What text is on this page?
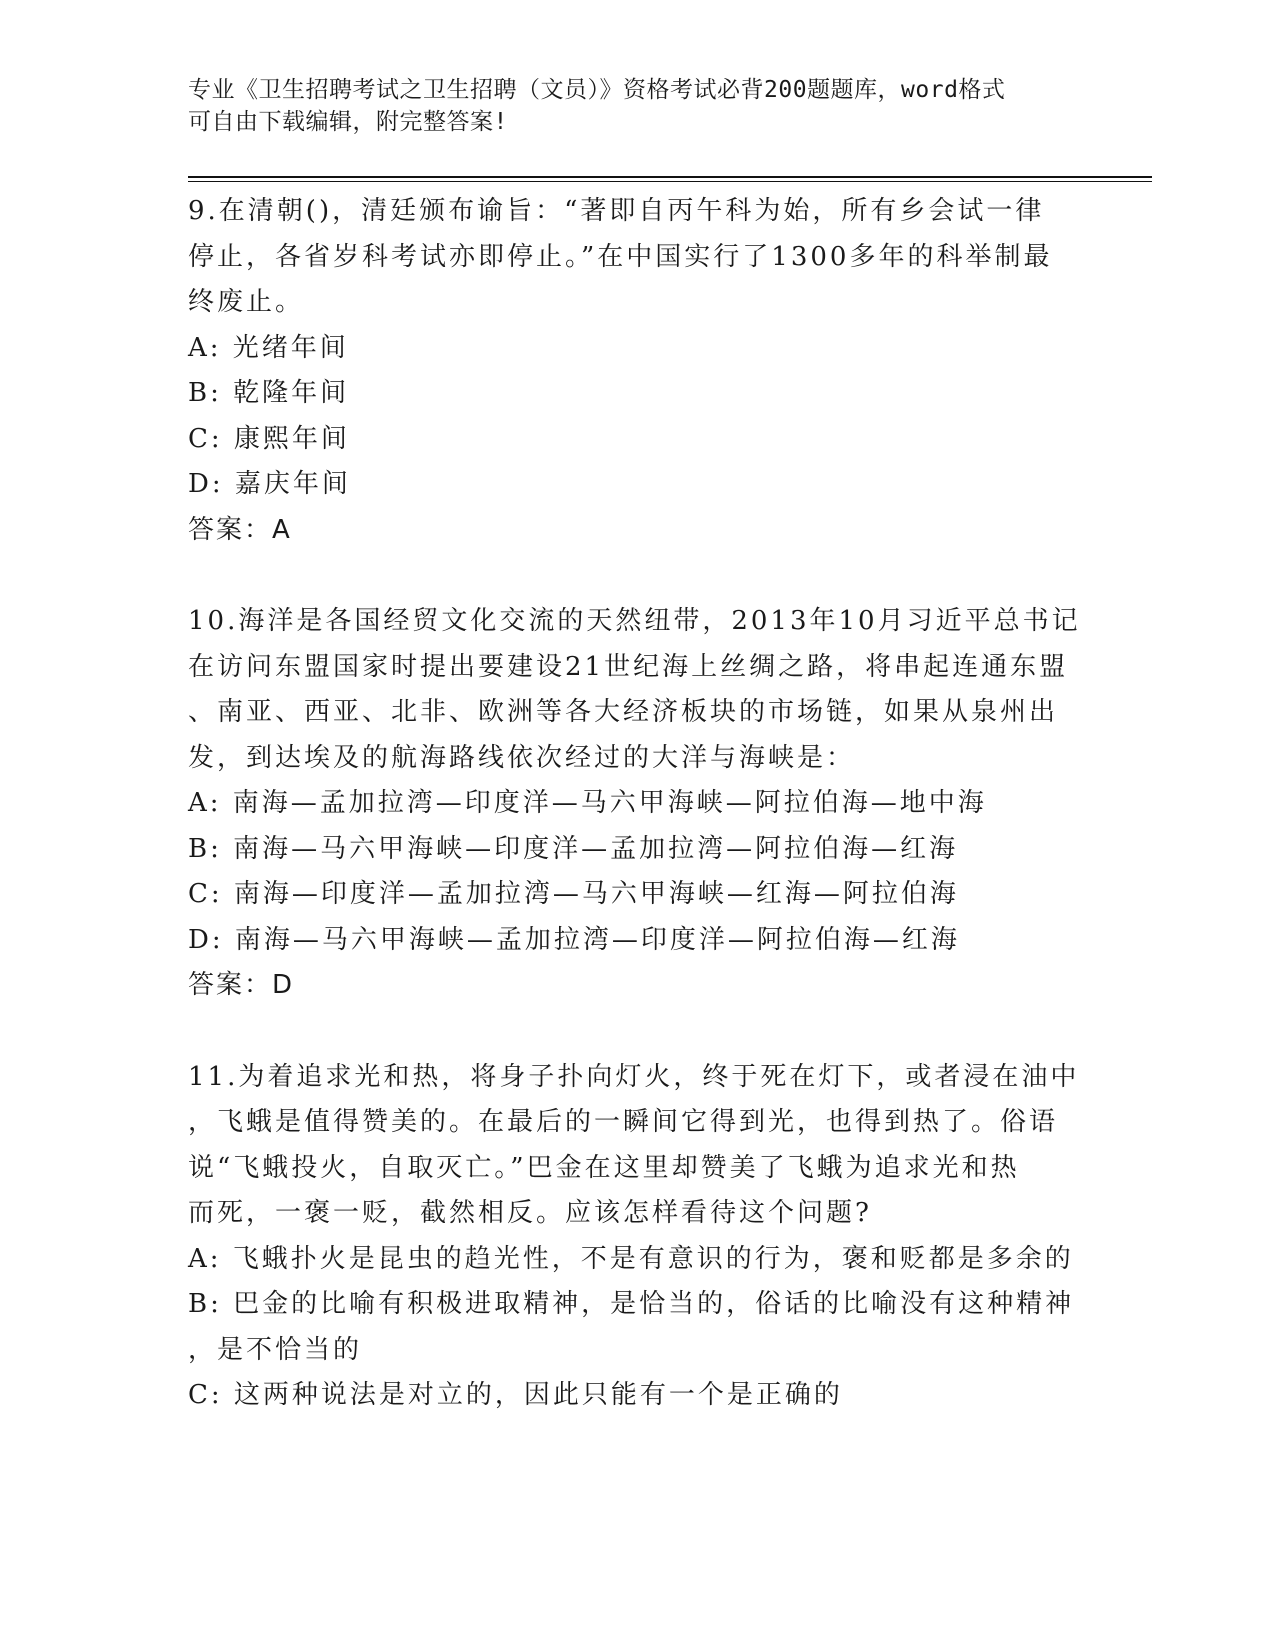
专业《卫生招聘考试之卫生招聘（文员）》资格考试必背200题题库，word格式
可自由下载编辑，附完整答案!

9.在清朝()，清廷颁布谕旨：“著即自丙午科为始，所有乡会试一律

停止，各省岁科考试亦即停止。”在中国实行了1300多年的科举制最

终废止。

A: 光绪年间

B: 乾隆年间

C: 康熙年间

D: 嘉庆年间

答案：A

10.海洋是各国经贸文化交流的天然纽带，2013年10月习近平总书记

在访问东盟国家时提出要建设21世纪海上丝绸之路，将串起连通东盟

、南亚、西亚、北非、欧洲等各大经济板块的市场链，如果从泉州出

发，到达埃及的航海路线依次经过的大洋与海峡是：

A: 南海—孟加拉湾—印度洋—马六甲海峡—阿拉伯海—地中海

B: 南海—马六甲海峡—印度洋—孟加拉湾—阿拉伯海—红海

C: 南海—印度洋—孟加拉湾—马六甲海峡—红海—阿拉伯海

D: 南海—马六甲海峡—孟加拉湾—印度洋—阿拉伯海—红海

答案：D

11.为着追求光和热，将身子扑向灯火，终于死在灯下，或者浸在油中

，飞蛾是值得赞美的。在最后的一瞬间它得到光，也得到热了。俗语

说“飞蛾投火，自取灭亡。”巴金在这里却赞美了飞蛾为追求光和热

而死，一褒一贬，截然相反。应该怎样看待这个问题?

A: 飞蛾扑火是昆虫的趋光性，不是有意识的行为，褒和贬都是多余的

B: 巴金的比喻有积极进取精神，是恰当的，俗话的比喻没有这种精神

，是不恰当的

C: 这两种说法是对立的，因此只能有一个是正确的
